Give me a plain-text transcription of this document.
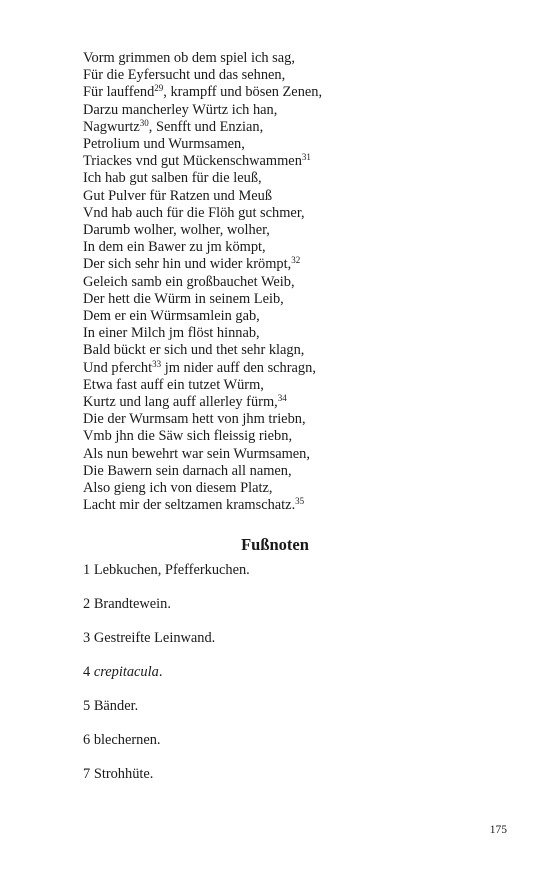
Vorm grimmen ob dem spiel ich sag,
Für die Eyfersucht und das sehnen,
Für lauffend$^{29}$, krampff und bösen Zenen,
Darzu mancherley Würtz ich han,
Nagwurtz$^{30}$, Senfft und Enzian,
Petrolium und Wurmsamen,
Triackes vnd gut Mückenschwammen$^{31}$
Ich hab gut salben für die leuß,
Gut Pulver für Ratzen und Meuß
Vnd hab auch für die Flöh gut schmer,
Darumb wolher, wolher, wolher,
In dem ein Bawer zu jm kömpt,
Der sich sehr hin und wider krömpt,$^{32}$
Geleich samb ein großbauchet Weib,
Der hett die Würm in seinem Leib,
Dem er ein Würmsamlein gab,
In einer Milch jm flöst hinnab,
Bald bückt er sich und thet sehr klagn,
Und pfercht$^{33}$ jm nider auff den schragn,
Etwa fast auff ein tutzet Würm,
Kurtz und lang auff allerley fürm,$^{34}$
Die der Wurmsam hett von jhm triebn,
Vmb jhn die Säw sich fleissig riebn,
Als nun bewehrt war sein Wurmsamen,
Die Bawern sein darnach all namen,
Also gieng ich von diesem Platz,
Lacht mir der seltzamen kramschatz.$^{35}$
Fußnoten
1 Lebkuchen, Pfefferkuchen.
2 Brandtewein.
3 Gestreifte Leinwand.
4 crepitacula.
5 Bänder.
6 blechernen.
7 Strohhüte.
175
